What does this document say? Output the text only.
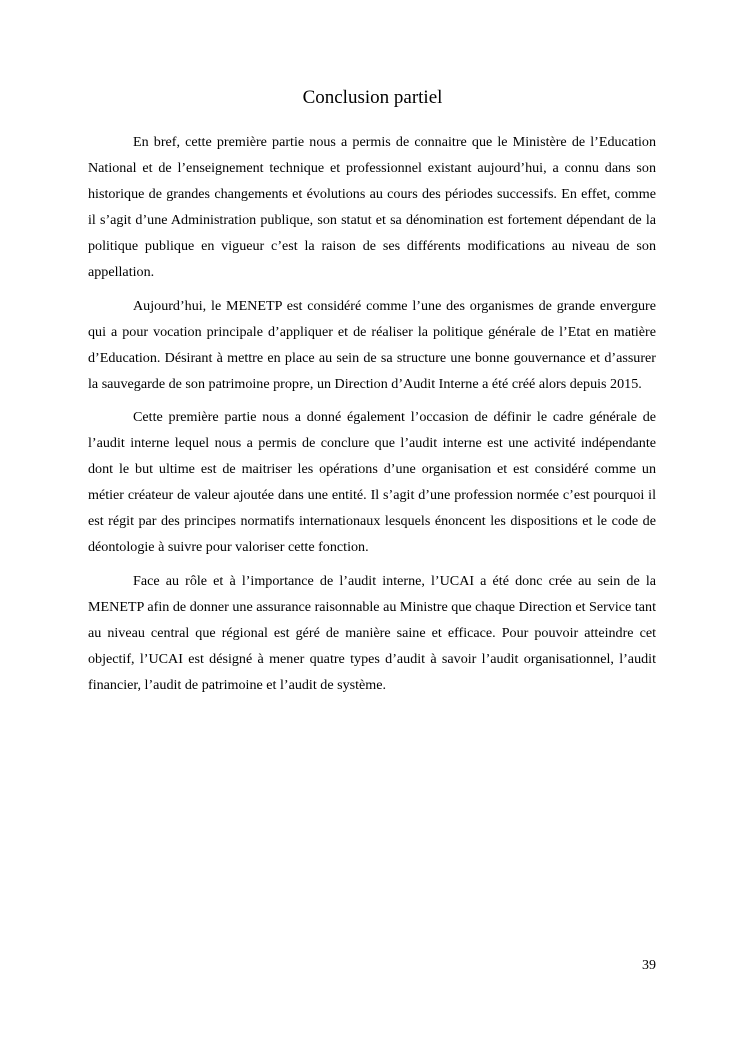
Conclusion partiel

En bref, cette première partie nous a permis de connaitre que le Ministère de l’Education National et de l’enseignement technique et professionnel existant aujourd’hui, a connu dans son historique de grandes changements et évolutions au cours des périodes successifs. En effet, comme il s’agit d’une Administration publique, son statut et sa dénomination est fortement dépendant de la politique publique en vigueur c’est la raison de ses différents modifications au niveau de son appellation.

Aujourd’hui, le MENETP est considéré comme l’une des organismes de grande envergure qui a pour vocation principale d’appliquer et de réaliser la politique générale de l’Etat en matière d’Education. Désirant à mettre en place au sein de sa structure une bonne gouvernance et d’assurer la sauvegarde de son patrimoine propre, un Direction d’Audit Interne a été créé alors depuis 2015.

Cette première partie nous a donné également l’occasion de définir le cadre générale de l’audit interne lequel nous a permis de conclure que l’audit interne est une activité indépendante dont le but ultime est de maitriser les opérations d’une organisation et est considéré comme un métier créateur de valeur ajoutée dans une entité. Il s’agit d’une profession normée c’est pourquoi il est régit par des principes normatifs internationaux lesquels énoncent les dispositions et le code de déontologie à suivre pour valoriser cette fonction.

Face au rôle et à l’importance de l’audit interne, l’UCAI a été donc crée au sein de la MENETP afin de donner une assurance raisonnable au Ministre que chaque Direction et Service tant au niveau central que régional est géré de manière saine et efficace. Pour pouvoir atteindre cet objectif, l’UCAI est désigné à mener quatre types d’audit à savoir l’audit organisationnel, l’audit financier, l’audit de patrimoine et l’audit de système.

39
